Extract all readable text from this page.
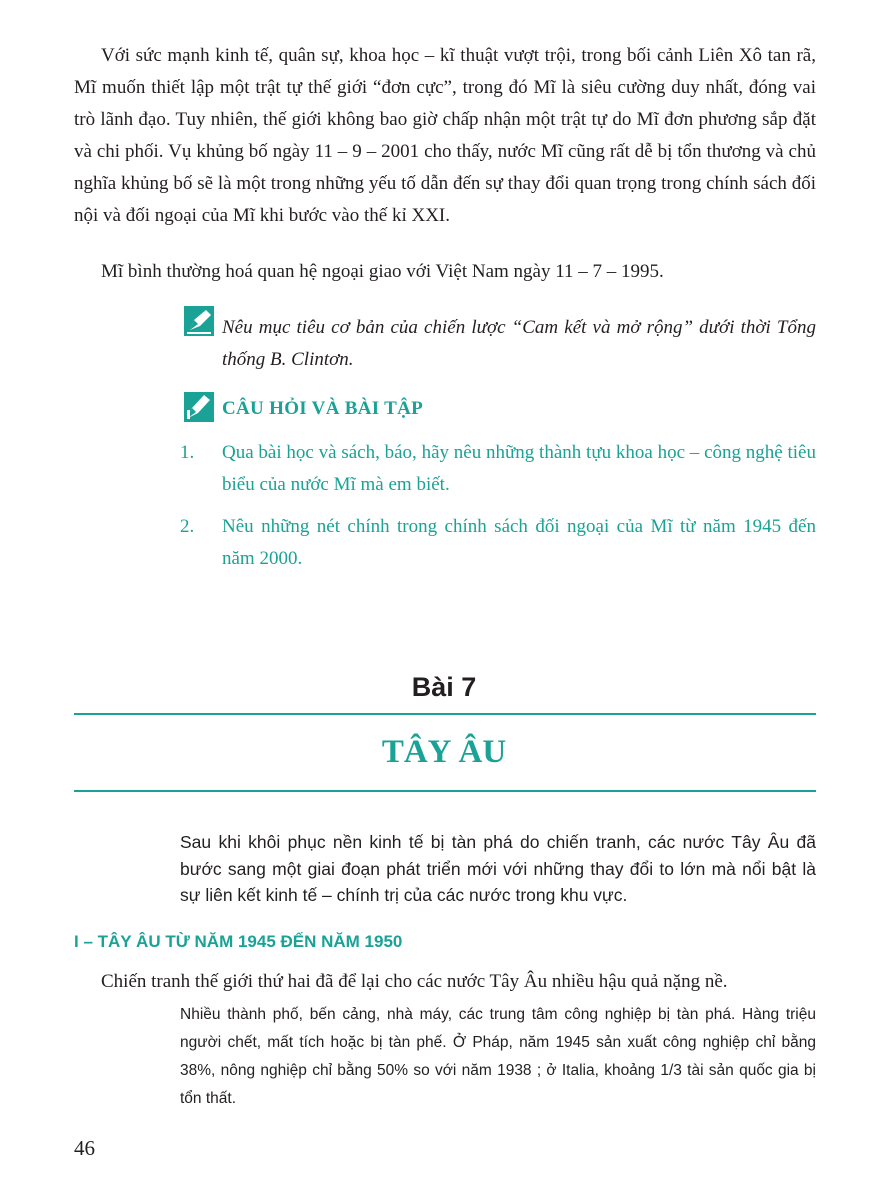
Với sức mạnh kinh tế, quân sự, khoa học – kĩ thuật vượt trội, trong bối cảnh Liên Xô tan rã, Mĩ muốn thiết lập một trật tự thế giới “đơn cực”, trong đó Mĩ là siêu cường duy nhất, đóng vai trò lãnh đạo. Tuy nhiên, thế giới không bao giờ chấp nhận một trật tự do Mĩ đơn phương sắp đặt và chi phối. Vụ khủng bố ngày 11 – 9 – 2001 cho thấy, nước Mĩ cũng rất dễ bị tổn thương và chủ nghĩa khủng bố sẽ là một trong những yếu tố dẫn đến sự thay đổi quan trọng trong chính sách đối nội và đối ngoại của Mĩ khi bước vào thế kỉ XXI.

Mĩ bình thường hoá quan hệ ngoại giao với Việt Nam ngày 11 – 7 – 1995.

Nêu mục tiêu cơ bản của chiến lược “Cam kết và mở rộng” dưới thời Tổng thống B. Clintơn.

CÂU HỎI VÀ BÀI TẬP

1. Qua bài học và sách, báo, hãy nêu những thành tựu khoa học – công nghệ tiêu biểu của nước Mĩ mà em biết.
2. Nêu những nét chính trong chính sách đối ngoại của Mĩ từ năm 1945 đến năm 2000.
Bài 7
TÂY ÂU

Sau khi khôi phục nền kinh tế bị tàn phá do chiến tranh, các nước Tây Âu đã bước sang một giai đoạn phát triển mới với những thay đổi to lớn mà nổi bật là sự liên kết kinh tế – chính trị của các nước trong khu vực.

I – TÂY ÂU TỪ NĂM 1945 ĐẾN NĂM 1950

Chiến tranh thế giới thứ hai đã để lại cho các nước Tây Âu nhiều hậu quả nặng nề.

Nhiều thành phố, bến cảng, nhà máy, các trung tâm công nghiệp bị tàn phá. Hàng triệu người chết, mất tích hoặc bị tàn phế. Ở Pháp, năm 1945 sản xuất công nghiệp chỉ bằng 38%, nông nghiệp chỉ bằng 50% so với năm 1938 ; ở Italia, khoảng 1/3 tài sản quốc gia bị tổn thất.

46
